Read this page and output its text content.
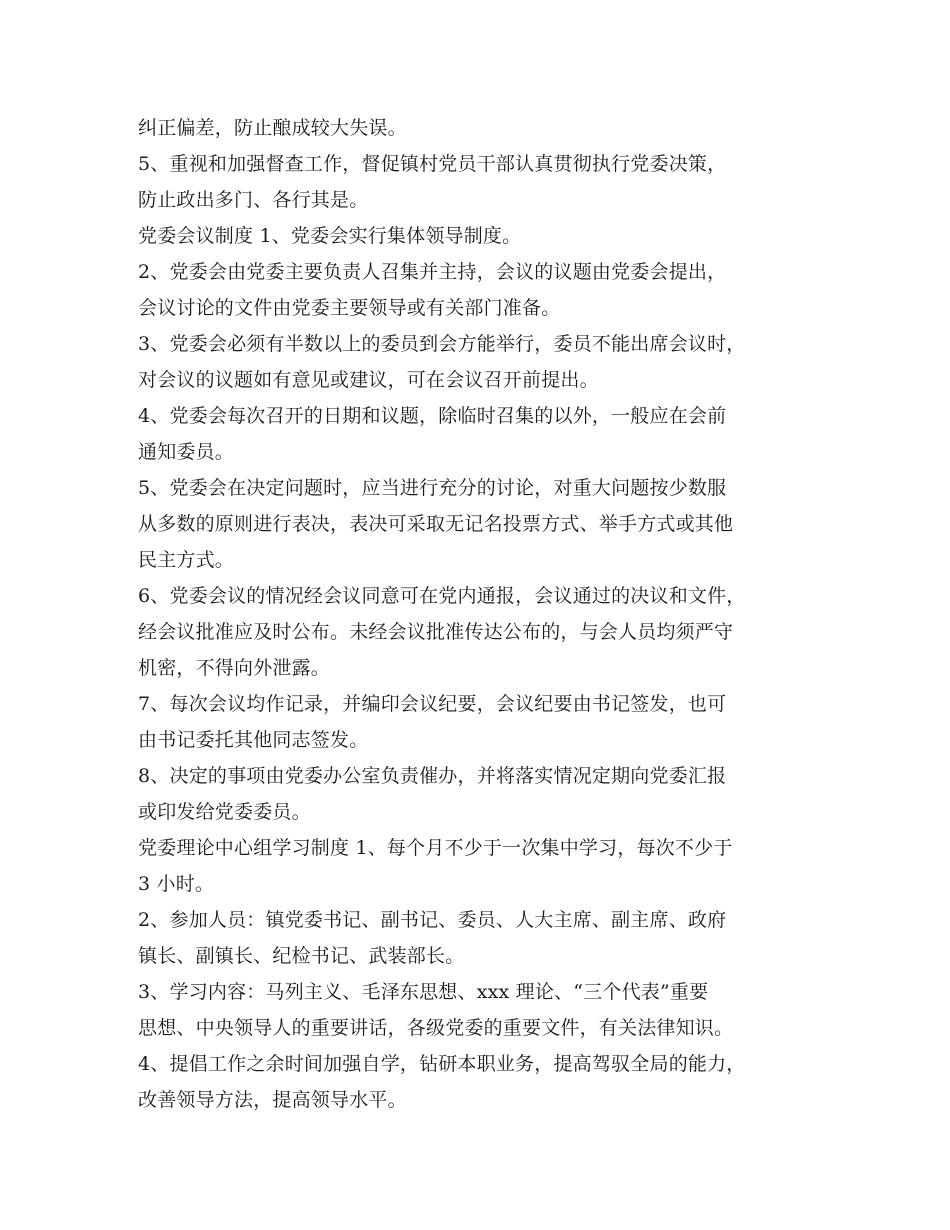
纠正偏差，防止酿成较大失误。
5、重视和加强督查工作，督促镇村党员干部认真贯彻执行党委决策，
防止政出多门、各行其是。
党委会议制度 1、党委会实行集体领导制度。
2、党委会由党委主要负责人召集并主持，会议的议题由党委会提出，
会议讨论的文件由党委主要领导或有关部门准备。
3、党委会必须有半数以上的委员到会方能举行，委员不能出席会议时，
对会议的议题如有意见或建议，可在会议召开前提出。
4、党委会每次召开的日期和议题，除临时召集的以外，一般应在会前
通知委员。
5、党委会在决定问题时，应当进行充分的讨论，对重大问题按少数服
从多数的原则进行表决，表决可采取无记名投票方式、举手方式或其他
民主方式。
6、党委会议的情况经会议同意可在党内通报，会议通过的决议和文件，
经会议批准应及时公布。未经会议批准传达公布的，与会人员均须严守
机密，不得向外泄露。
7、每次会议均作记录，并编印会议纪要，会议纪要由书记签发，也可
由书记委托其他同志签发。
8、决定的事项由党委办公室负责催办，并将落实情况定期向党委汇报
或印发给党委委员。
党委理论中心组学习制度 1、每个月不少于一次集中学习，每次不少于
3 小时。
2、参加人员：镇党委书记、副书记、委员、人大主席、副主席、政府
镇长、副镇长、纪检书记、武装部长。
3、学习内容：马列主义、毛泽东思想、xxx 理论、“三个代表”重要
思想、中央领导人的重要讲话，各级党委的重要文件，有关法律知识。
4、提倡工作之余时间加强自学，钻研本职业务，提高驾驭全局的能力，
改善领导方法，提高领导水平。
